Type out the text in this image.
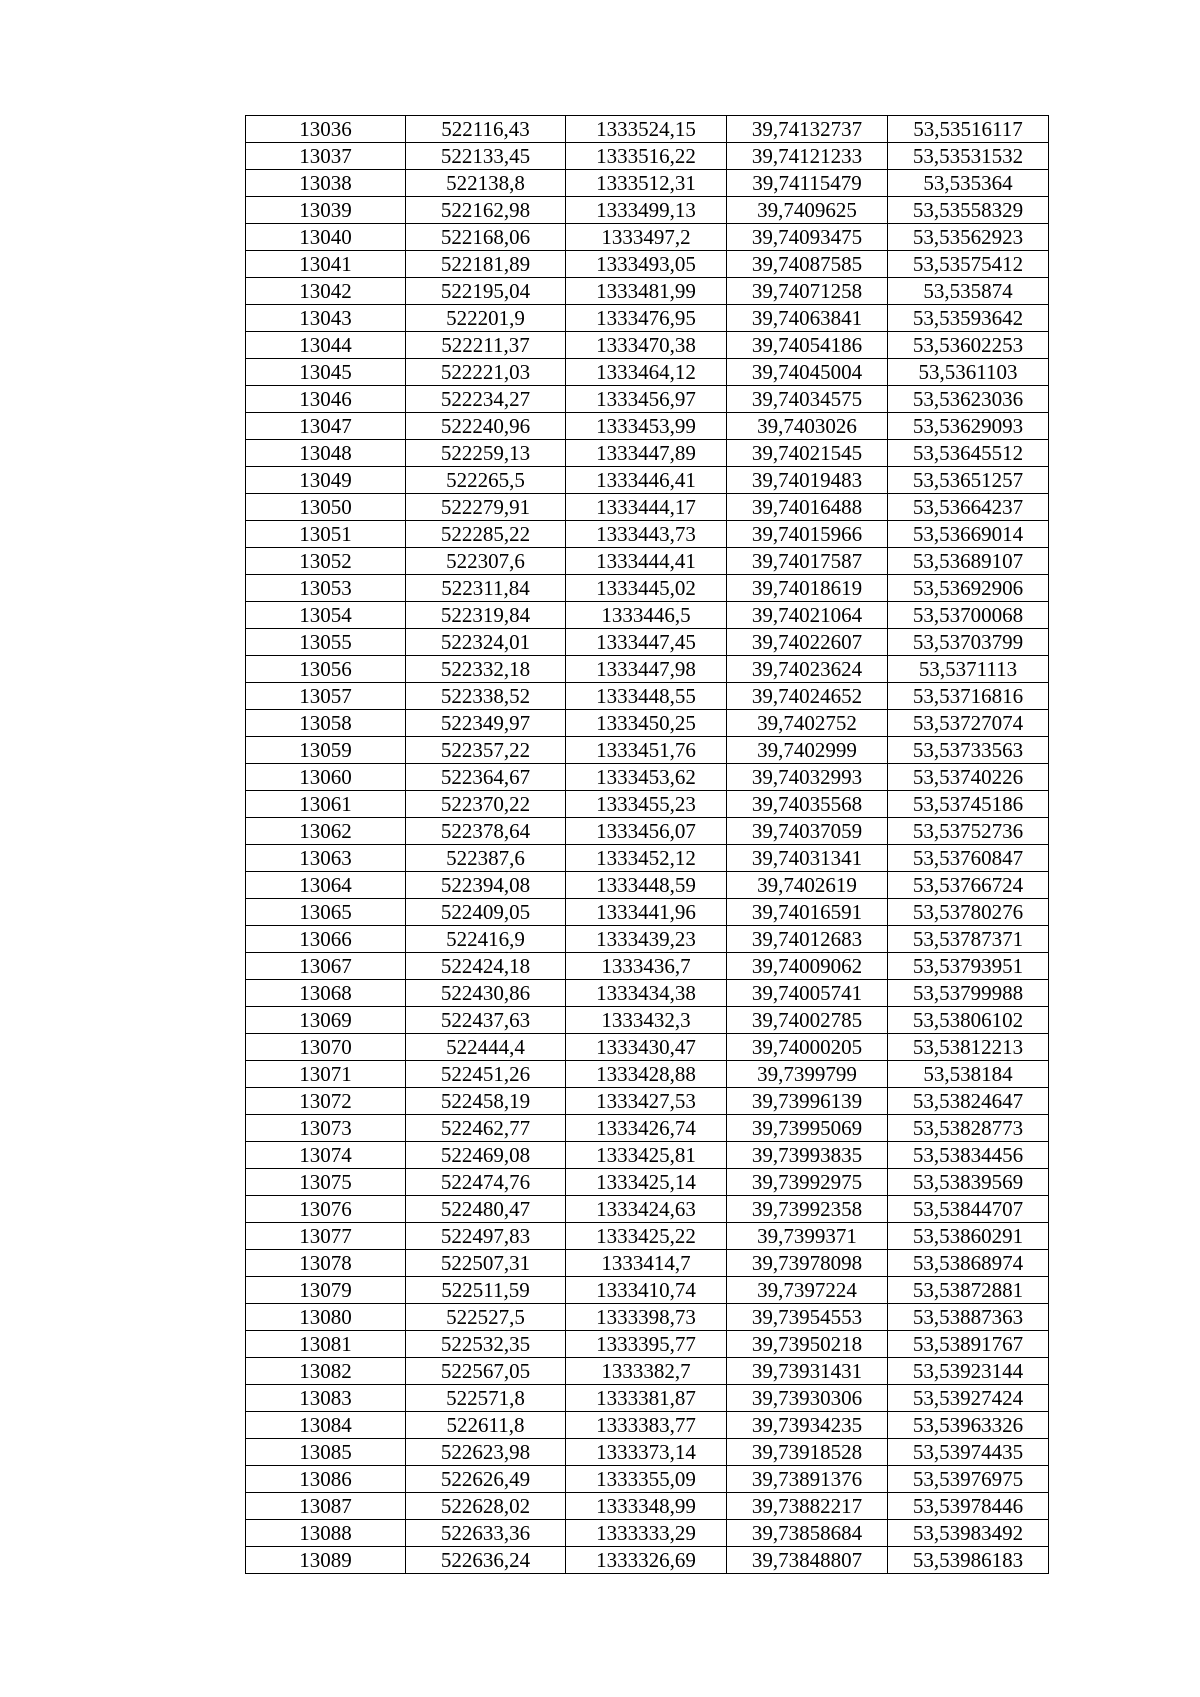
13036	522116,43	1333524,15	39,74132737	53,53516117
13037	522133,45	1333516,22	39,74121233	53,53531532
13038	522138,8	1333512,31	39,74115479	53,535364
13039	522162,98	1333499,13	39,7409625	53,53558329
13040	522168,06	1333497,2	39,74093475	53,53562923
13041	522181,89	1333493,05	39,74087585	53,53575412
13042	522195,04	1333481,99	39,74071258	53,535874
13043	522201,9	1333476,95	39,74063841	53,53593642
13044	522211,37	1333470,38	39,74054186	53,53602253
13045	522221,03	1333464,12	39,74045004	53,5361103
13046	522234,27	1333456,97	39,74034575	53,53623036
13047	522240,96	1333453,99	39,7403026	53,53629093
13048	522259,13	1333447,89	39,74021545	53,53645512
13049	522265,5	1333446,41	39,74019483	53,53651257
13050	522279,91	1333444,17	39,74016488	53,53664237
13051	522285,22	1333443,73	39,74015966	53,53669014
13052	522307,6	1333444,41	39,74017587	53,53689107
13053	522311,84	1333445,02	39,74018619	53,53692906
13054	522319,84	1333446,5	39,74021064	53,53700068
13055	522324,01	1333447,45	39,74022607	53,53703799
13056	522332,18	1333447,98	39,74023624	53,5371113
13057	522338,52	1333448,55	39,74024652	53,53716816
13058	522349,97	1333450,25	39,7402752	53,53727074
13059	522357,22	1333451,76	39,7402999	53,53733563
13060	522364,67	1333453,62	39,74032993	53,53740226
13061	522370,22	1333455,23	39,74035568	53,53745186
13062	522378,64	1333456,07	39,74037059	53,53752736
13063	522387,6	1333452,12	39,74031341	53,53760847
13064	522394,08	1333448,59	39,7402619	53,53766724
13065	522409,05	1333441,96	39,74016591	53,53780276
13066	522416,9	1333439,23	39,74012683	53,53787371
13067	522424,18	1333436,7	39,74009062	53,53793951
13068	522430,86	1333434,38	39,74005741	53,53799988
13069	522437,63	1333432,3	39,74002785	53,53806102
13070	522444,4	1333430,47	39,74000205	53,53812213
13071	522451,26	1333428,88	39,7399799	53,538184
13072	522458,19	1333427,53	39,73996139	53,53824647
13073	522462,77	1333426,74	39,73995069	53,53828773
13074	522469,08	1333425,81	39,73993835	53,53834456
13075	522474,76	1333425,14	39,73992975	53,53839569
13076	522480,47	1333424,63	39,73992358	53,53844707
13077	522497,83	1333425,22	39,7399371	53,53860291
13078	522507,31	1333414,7	39,73978098	53,53868974
13079	522511,59	1333410,74	39,7397224	53,53872881
13080	522527,5	1333398,73	39,73954553	53,53887363
13081	522532,35	1333395,77	39,73950218	53,53891767
13082	522567,05	1333382,7	39,73931431	53,53923144
13083	522571,8	1333381,87	39,73930306	53,53927424
13084	522611,8	1333383,77	39,73934235	53,53963326
13085	522623,98	1333373,14	39,73918528	53,53974435
13086	522626,49	1333355,09	39,73891376	53,53976975
13087	522628,02	1333348,99	39,73882217	53,53978446
13088	522633,36	1333333,29	39,73858684	53,53983492
13089	522636,24	1333326,69	39,73848807	53,53986183
